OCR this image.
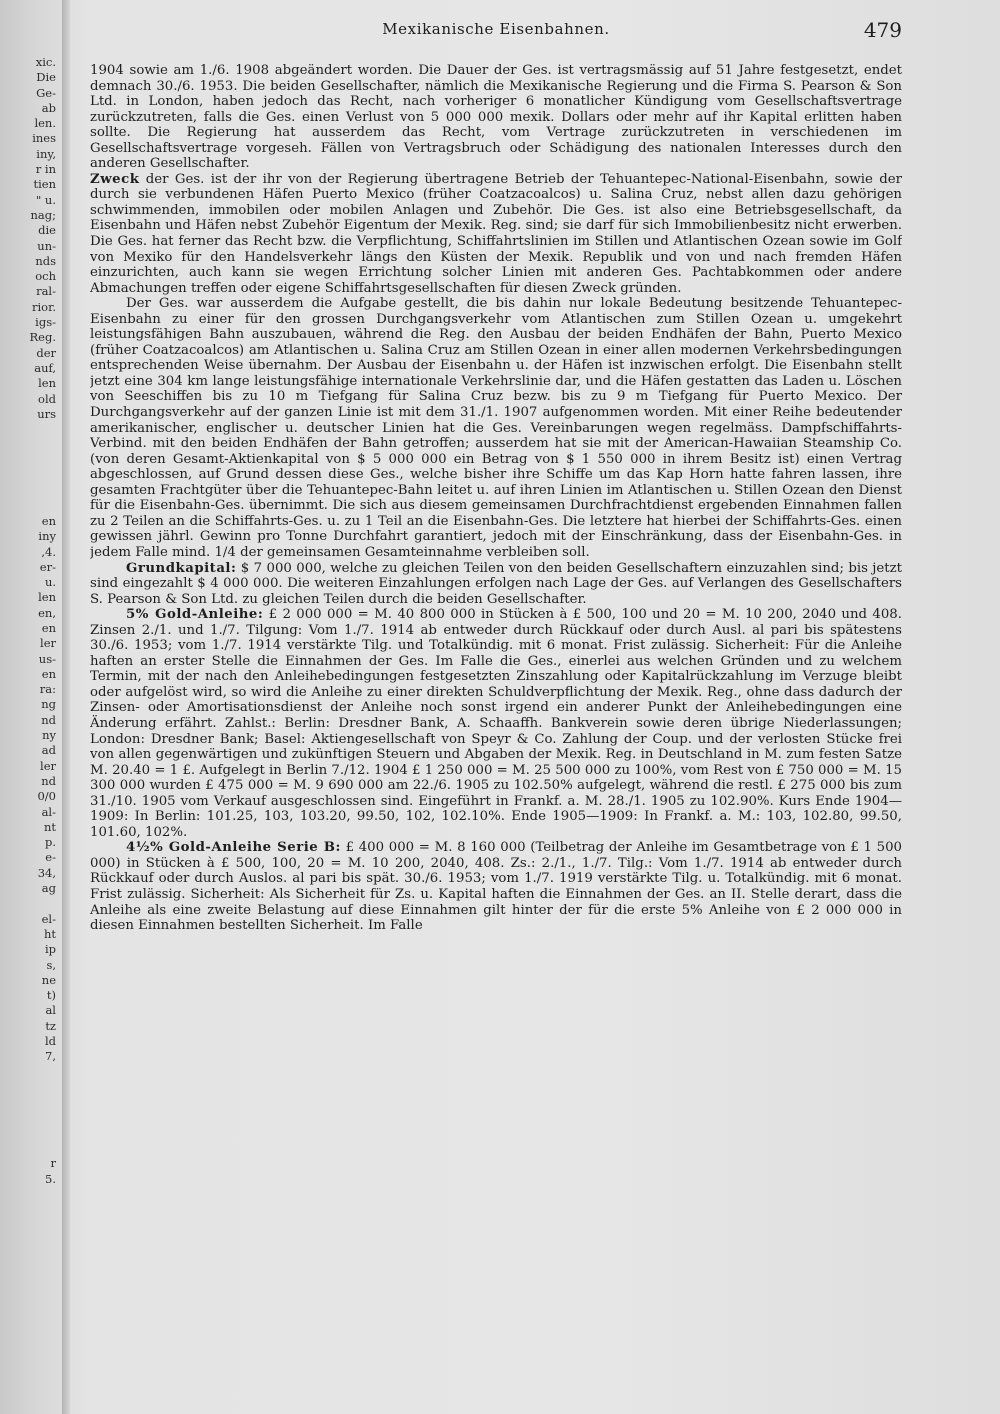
xic.
Die
Ge-
ab
len.
ines
iny,
r in
tien
" u.
nag;
die
un-
nds
och
ral-
rior.
igs-
Reg.
der
auf,
len
old
urs
en
iny
,4.
er-
u.
len
en,
en
ler
us-
en
ra:
ng
nd
ny
ad
ler
nd
0/0
al-
nt
p.
e-
34,
ag
el-
ht
ip
s,
ne
t)
al
tz
ld
7,
r
5.
Mexikanische Eisenbahnen.	479

1904 sowie am 1./6. 1908 abgeändert worden. Die Dauer der Ges. ist vertragsmässig auf 51 Jahre festgesetzt, endet demnach 30./6. 1953. Die beiden Gesellschafter, nämlich die Mexikanische Regierung und die Firma S. Pearson & Son Ltd. in London, haben jedoch das Recht, nach vorheriger 6 monatlicher Kündigung vom Gesellschaftsvertrage zurückzutreten, falls die Ges. einen Verlust von 5 000 000 mexik. Dollars oder mehr auf ihr Kapital erlitten haben sollte. Die Regierung hat ausserdem das Recht, vom Vertrage zurückzutreten in verschiedenen im Gesellschaftsvertrage vorgeseh. Fällen von Vertragsbruch oder Schädigung des nationalen Interesses durch den anderen Gesellschafter.

Zweck der Ges. ist der ihr von der Regierung übertragene Betrieb der Tehuantepec-National-Eisenbahn, sowie der durch sie verbundenen Häfen Puerto Mexico (früher Coatzacoalcos) u. Salina Cruz, nebst allen dazu gehörigen schwimmenden, immobilen oder mobilen Anlagen und Zubehör. Die Ges. ist also eine Betriebsgesellschaft, da Eisenbahn und Häfen nebst Zubehör Eigentum der Mexik. Reg. sind; sie darf für sich Immobilienbesitz nicht erwerben. Die Ges. hat ferner das Recht bzw. die Verpflichtung, Schiffahrtslinien im Stillen und Atlantischen Ozean sowie im Golf von Mexiko für den Handelsverkehr längs den Küsten der Mexik. Republik und von und nach fremden Häfen einzurichten, auch kann sie wegen Errichtung solcher Linien mit anderen Ges. Pachtabkommen oder andere Abmachungen treffen oder eigene Schiffahrtsgesellschaften für diesen Zweck gründen.

Der Ges. war ausserdem die Aufgabe gestellt, die bis dahin nur lokale Bedeutung besitzende Tehuantepec-Eisenbahn zu einer für den grossen Durchgangsverkehr vom Atlantischen zum Stillen Ozean u. umgekehrt leistungsfähigen Bahn auszubauen, während die Reg. den Ausbau der beiden Endhäfen der Bahn, Puerto Mexico (früher Coatzacoalcos) am Atlantischen u. Salina Cruz am Stillen Ozean in einer allen modernen Verkehrsbedingungen entsprechenden Weise übernahm. Der Ausbau der Eisenbahn u. der Häfen ist inzwischen erfolgt. Die Eisenbahn stellt jetzt eine 304 km lange leistungsfähige internationale Verkehrslinie dar, und die Häfen gestatten das Laden u. Löschen von Seeschiffen bis zu 10 m Tiefgang für Salina Cruz bezw. bis zu 9 m Tiefgang für Puerto Mexico. Der Durchgangsverkehr auf der ganzen Linie ist mit dem 31./1. 1907 aufgenommen worden. Mit einer Reihe bedeutender amerikanischer, englischer u. deutscher Linien hat die Ges. Vereinbarungen wegen regelmäss. Dampfschiffahrts-Verbind. mit den beiden Endhäfen der Bahn getroffen; ausserdem hat sie mit der American-Hawaiian Steamship Co. (von deren Gesamt-Aktienkapital von $ 5 000 000 ein Betrag von $ 1 550 000 in ihrem Besitz ist) einen Vertrag abgeschlossen, auf Grund dessen diese Ges., welche bisher ihre Schiffe um das Kap Horn hatte fahren lassen, ihre gesamten Frachtgüter über die Tehuantepec-Bahn leitet u. auf ihren Linien im Atlantischen u. Stillen Ozean den Dienst für die Eisenbahn-Ges. übernimmt. Die sich aus diesem gemeinsamen Durchfrachtdienst ergebenden Einnahmen fallen zu 2 Teilen an die Schiffahrts-Ges. u. zu 1 Teil an die Eisenbahn-Ges. Die letztere hat hierbei der Schiffahrts-Ges. einen gewissen jährl. Gewinn pro Tonne Durchfahrt garantiert, jedoch mit der Einschränkung, dass der Eisenbahn-Ges. in jedem Falle mind. 1/4 der gemeinsamen Gesamteinnahme verbleiben soll.

Grundkapital: $ 7 000 000, welche zu gleichen Teilen von den beiden Gesellschaftern einzuzahlen sind; bis jetzt sind eingezahlt $ 4 000 000. Die weiteren Einzahlungen erfolgen nach Lage der Ges. auf Verlangen des Gesellschafters S. Pearson & Son Ltd. zu gleichen Teilen durch die beiden Gesellschafter.

5% Gold-Anleihe: £ 2 000 000 = M. 40 800 000 in Stücken à £ 500, 100 und 20 = M. 10 200, 2040 und 408. Zinsen 2./1. und 1./7. Tilgung: Vom 1./7. 1914 ab entweder durch Rückkauf oder durch Ausl. al pari bis spätestens 30./6. 1953; vom 1./7. 1914 verstärkte Tilg. und Totalkündig. mit 6 monat. Frist zulässig. Sicherheit: Für die Anleihe haften an erster Stelle die Einnahmen der Ges. Im Falle die Ges., einerlei aus welchen Gründen und zu welchem Termin, mit der nach den Anleihebedingungen festgesetzten Zinszahlung oder Kapitalrückzahlung im Verzuge bleibt oder aufgelöst wird, so wird die Anleihe zu einer direkten Schuldverpflichtung der Mexik. Reg., ohne dass dadurch der Zinsen- oder Amortisationsdienst der Anleihe noch sonst irgend ein anderer Punkt der Anleihebedingungen eine Änderung erfährt. Zahlst.: Berlin: Dresdner Bank, A. Schaaffh. Bankverein sowie deren übrige Niederlassungen; London: Dresdner Bank; Basel: Aktiengesellschaft von Speyr & Co. Zahlung der Coup. und der verlosten Stücke frei von allen gegenwärtigen und zukünftigen Steuern und Abgaben der Mexik. Reg. in Deutschland in M. zum festen Satze M. 20.40 = 1 £. Aufgelegt in Berlin 7./12. 1904 £ 1 250 000 = M. 25 500 000 zu 100%, vom Rest von £ 750 000 = M. 15 300 000 wurden £ 475 000 = M. 9 690 000 am 22./6. 1905 zu 102.50% aufgelegt, während die restl. £ 275 000 bis zum 31./10. 1905 vom Verkauf ausgeschlossen sind. Eingeführt in Frankf. a. M. 28./1. 1905 zu 102.90%. Kurs Ende 1904—1909: In Berlin: 101.25, 103, 103.20, 99.50, 102, 102.10%. Ende 1905—1909: In Frankf. a. M.: 103, 102.80, 99.50, 101.60, 102%.

4½% Gold-Anleihe Serie B: £ 400 000 = M. 8 160 000 (Teilbetrag der Anleihe im Gesamtbetrage von £ 1 500 000) in Stücken à £ 500, 100, 20 = M. 10 200, 2040, 408. Zs.: 2./1., 1./7. Tilg.: Vom 1./7. 1914 ab entweder durch Rückkauf oder durch Auslos. al pari bis spät. 30./6. 1953; vom 1./7. 1919 verstärkte Tilg. u. Totalkündig. mit 6 monat. Frist zulässig. Sicherheit: Als Sicherheit für Zs. u. Kapital haften die Einnahmen der Ges. an II. Stelle derart, dass die Anleihe als eine zweite Belastung auf diese Einnahmen gilt hinter der für die erste 5% Anleihe von £ 2 000 000 in diesen Einnahmen bestellten Sicherheit. Im Falle
